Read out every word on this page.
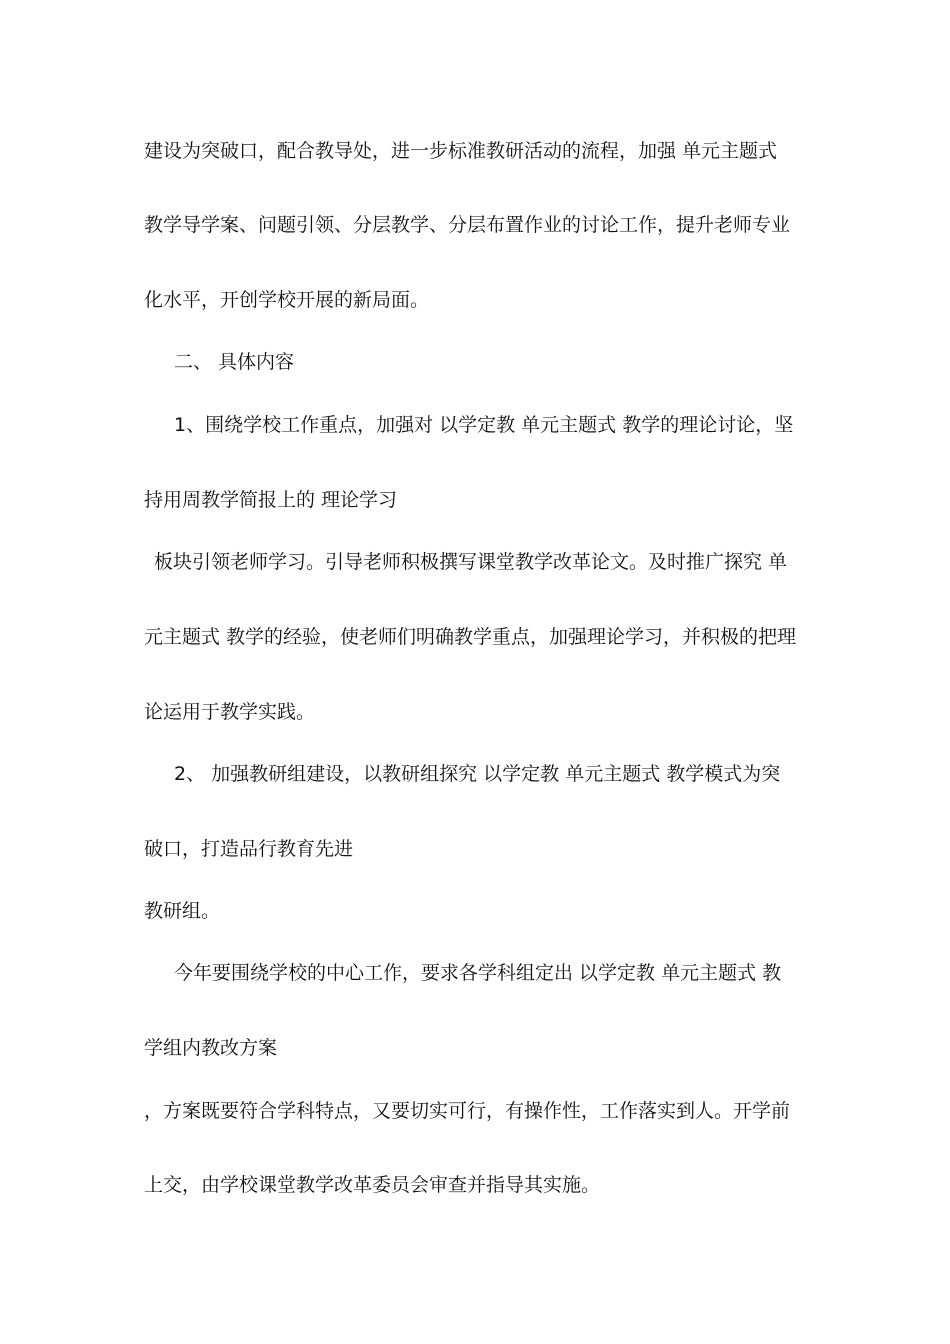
建设为突破口，配合教导处，进一步标准教研活动的流程，加强 单元主题式
教学导学案、问题引领、分层教学、分层布置作业的讨论工作，提升老师专业
化水平，开创学校开展的新局面。
二、 具体内容
1、围绕学校工作重点，加强对 以学定教 单元主题式 教学的理论讨论，坚
持用周教学简报上的 理论学习
板块引领老师学习。引导老师积极撰写课堂教学改革论文。及时推广探究 单
元主题式 教学的经验，使老师们明确教学重点，加强理论学习，并积极的把理
论运用于教学实践。
2、 加强教研组建设，以教研组探究 以学定教 单元主题式 教学模式为突
破口，打造品行教育先进
教研组。
今年要围绕学校的中心工作，要求各学科组定出 以学定教 单元主题式 教
学组内教改方案
，方案既要符合学科特点，又要切实可行，有操作性，工作落实到人。开学前
上交，由学校课堂教学改革委员会审查并指导其实施。
